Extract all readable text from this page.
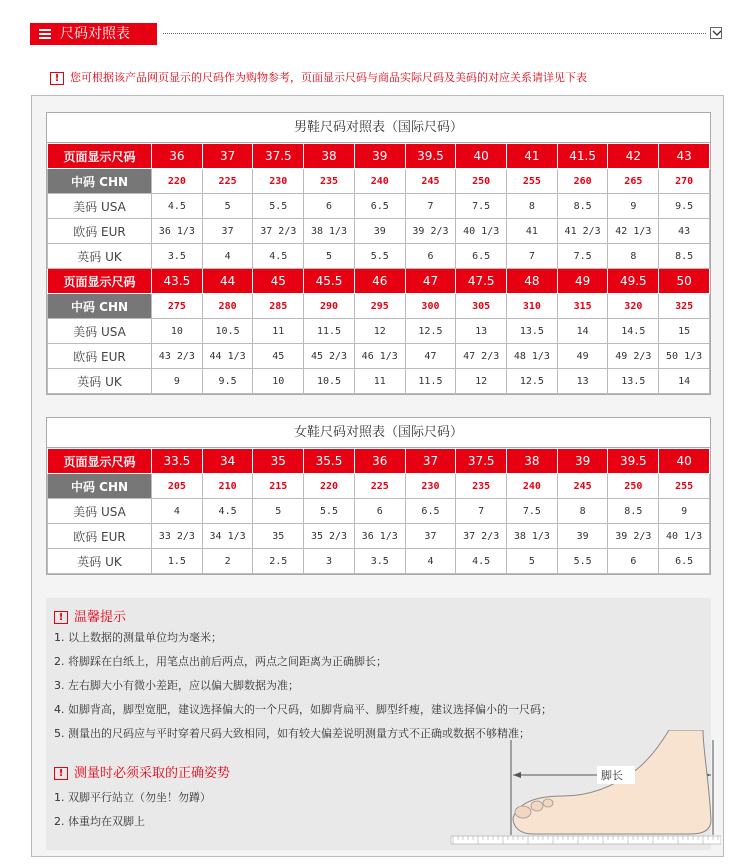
尺码对照表
! 您可根据该产品网页显示的尺码作为购物参考，页面显示尺码与商品实际尺码及美码的对应关系请详见下表
男鞋尺码对照表（国际尺码）
页面显示尺码	36	37	37.5	38	39	39.5	40	41	41.5	42	43
中码 CHN	220	225	230	235	240	245	250	255	260	265	270
美码 USA	4.5	5	5.5	6	6.5	7	7.5	8	8.5	9	9.5
欧码 EUR	36 1/3	37	37 2/3	38 1/3	39	39 2/3	40 1/3	41	41 2/3	42 1/3	43
英码 UK	3.5	4	4.5	5	5.5	6	6.5	7	7.5	8	8.5
页面显示尺码	43.5	44	45	45.5	46	47	47.5	48	49	49.5	50
中码 CHN	275	280	285	290	295	300	305	310	315	320	325
美码 USA	10	10.5	11	11.5	12	12.5	13	13.5	14	14.5	15
欧码 EUR	43 2/3	44 1/3	45	45 2/3	46 1/3	47	47 2/3	48 1/3	49	49 2/3	50 1/3
英码 UK	9	9.5	10	10.5	11	11.5	12	12.5	13	13.5	14
女鞋尺码对照表（国际尺码）
页面显示尺码	33.5	34	35	35.5	36	37	37.5	38	39	39.5	40
中码 CHN	205	210	215	220	225	230	235	240	245	250	255
美码 USA	4	4.5	5	5.5	6	6.5	7	7.5	8	8.5	9
欧码 EUR	33 2/3	34 1/3	35	35 2/3	36 1/3	37	37 2/3	38 1/3	39	39 2/3	40 1/3
英码 UK	1.5	2	2.5	3	3.5	4	4.5	5	5.5	6	6.5
! 温馨提示
1. 以上数据的测量单位均为毫米；
2. 将脚踩在白纸上，用笔点出前后两点，两点之间距离为正确脚长；
3. 左右脚大小有微小差距，应以偏大脚数据为准；
4. 如脚背高，脚型宽肥，建议选择偏大的一个尺码，如脚背扁平、脚型纤瘦，建议选择偏小的一尺码；
5. 测量出的尺码应与平时穿着尺码大致相同，如有较大偏差说明测量方式不正确或数据不够精准；
! 测量时必须采取的正确姿势
1. 双脚平行站立（勿坐！勿蹲）
2. 体重均在双脚上
脚长
